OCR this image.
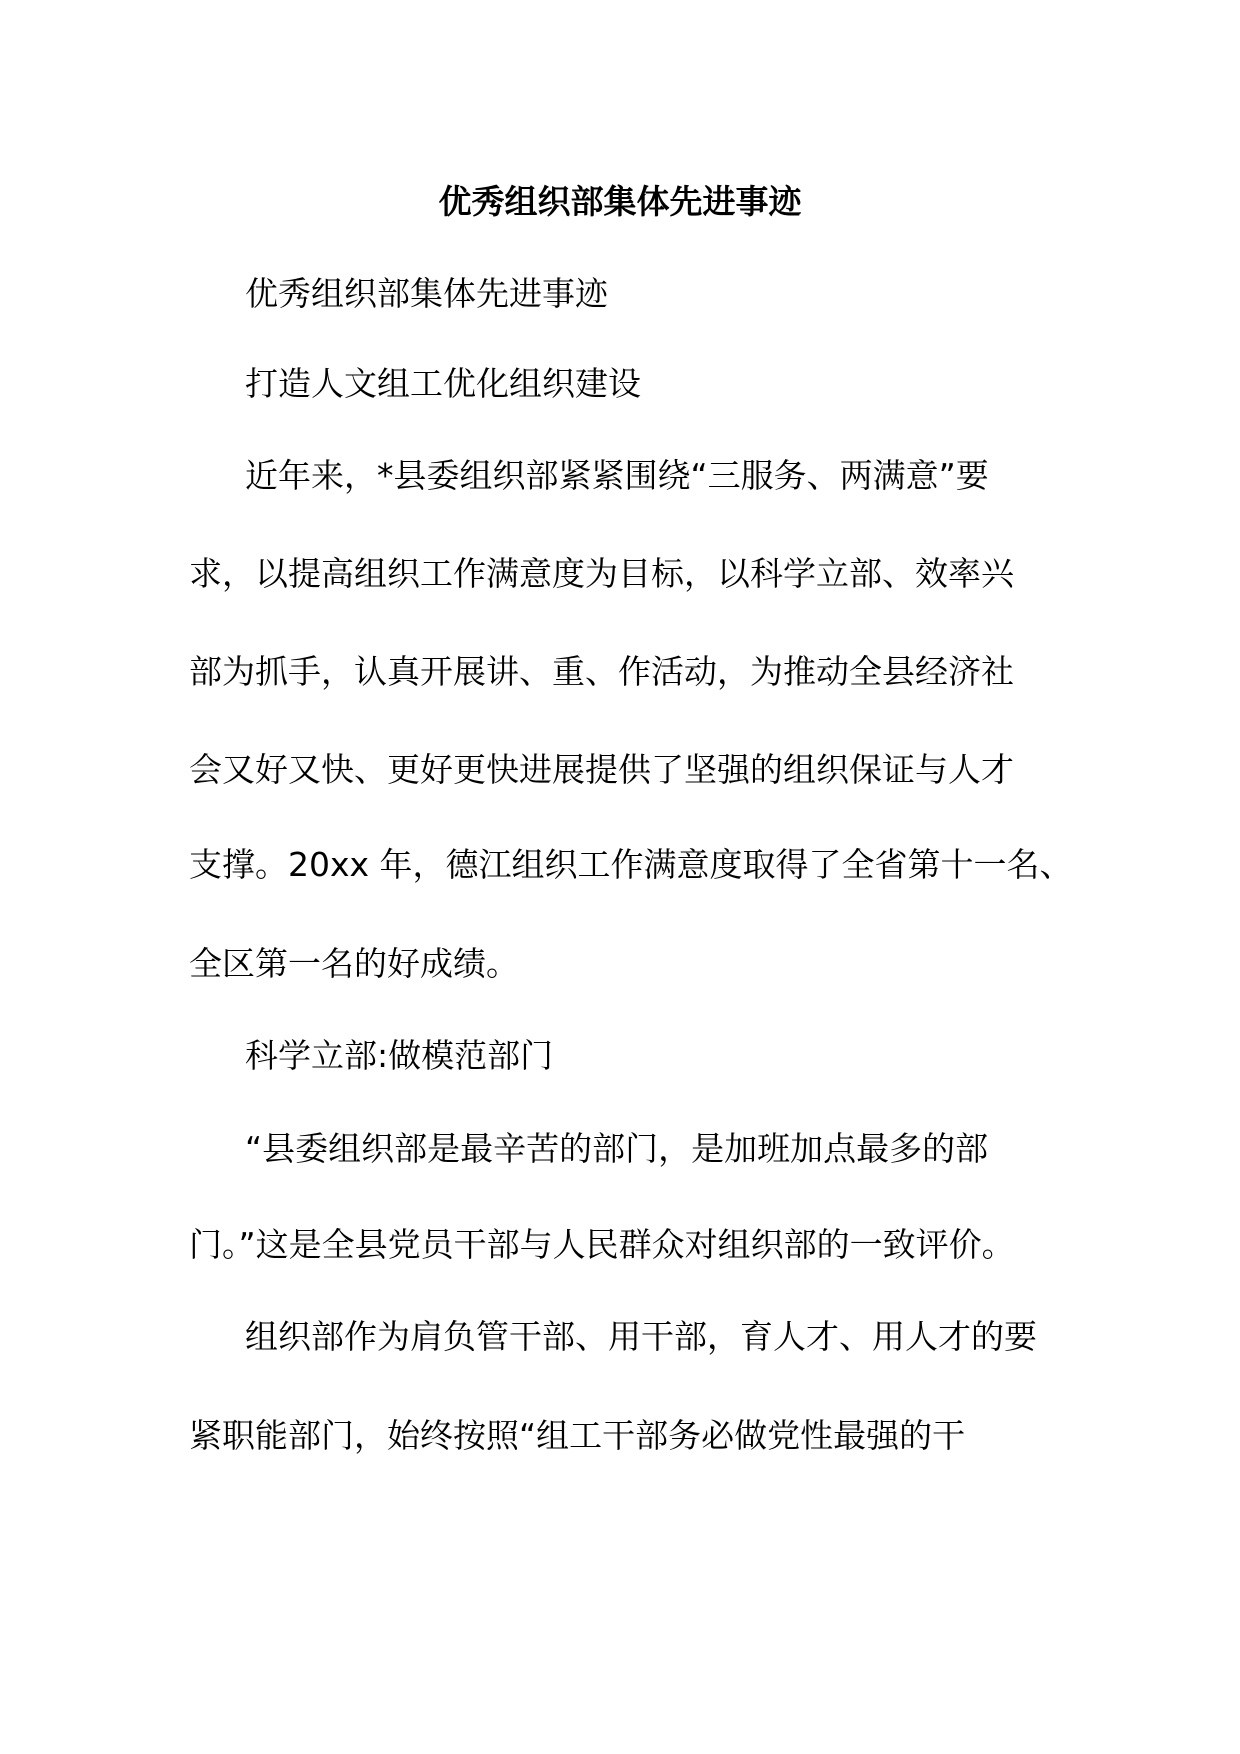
优秀组织部集体先进事迹
优秀组织部集体先进事迹
打造人文组工优化组织建设
近年来，*县委组织部紧紧围绕“三服务、两满意”要
求，以提高组织工作满意度为目标，以科学立部、效率兴
部为抓手，认真开展讲、重、作活动，为推动全县经济社
会又好又快、更好更快进展提供了坚强的组织保证与人才
支撑。20xx 年，德江组织工作满意度取得了全省第十一名、
全区第一名的好成绩。
科学立部:做模范部门
“县委组织部是最辛苦的部门，是加班加点最多的部
门。”这是全县党员干部与人民群众对组织部的一致评价。
组织部作为肩负管干部、用干部，育人才、用人才的要
紧职能部门，始终按照“组工干部务必做党性最强的干
